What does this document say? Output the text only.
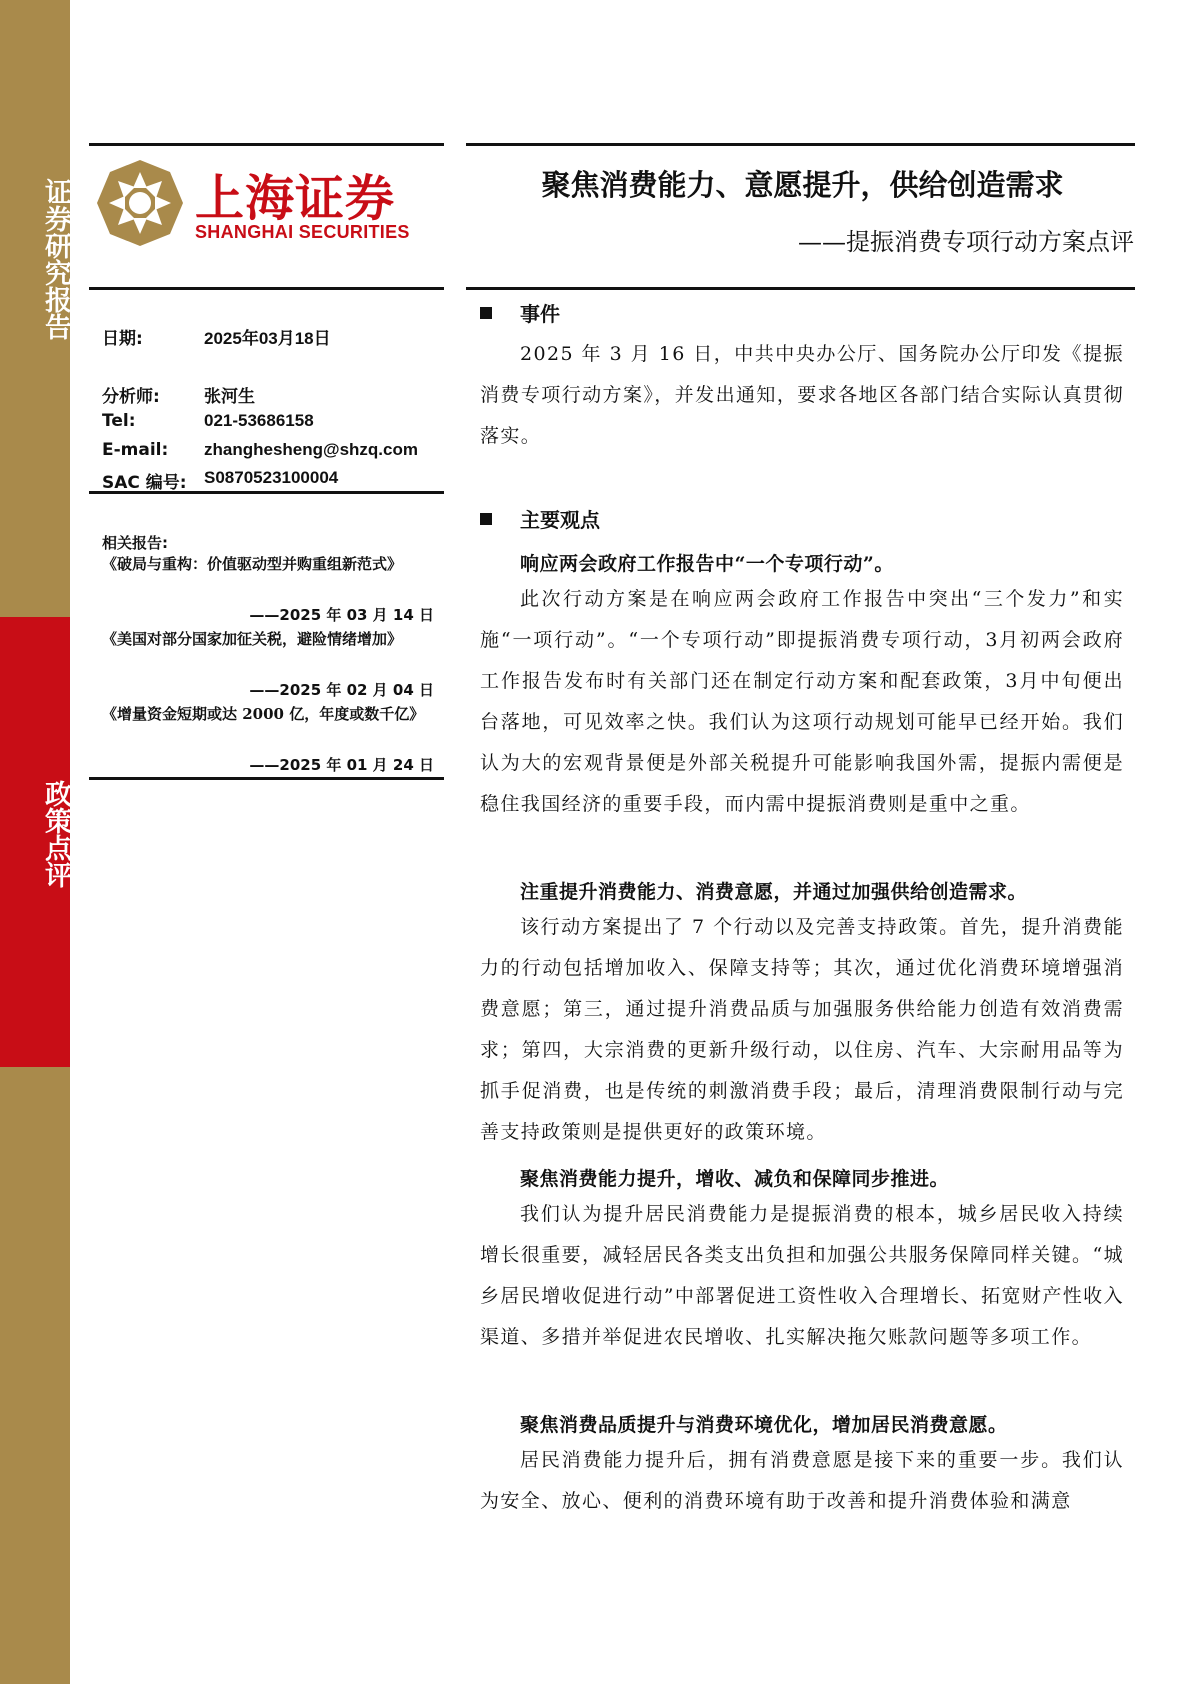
证券研究报告
政策点评
上海证券
SHANGHAI SECURITIES
聚焦消费能力、意愿提升，供给创造需求
——提振消费专项行动方案点评
日期:	2025年03月18日
分析师:	张河生
Tel:	021-53686158
E-mail: zhanghesheng@shzq.com
SAC 编号: S0870523100004
相关报告:
《破局与重构：价值驱动型并购重组新范式》
——2025 年 03 月 14 日
《美国对部分国家加征关税，避险情绪增加》
——2025 年 02 月 04 日
《增量资金短期或达 2000 亿，年度或数千亿》
——2025 年 01 月 24 日
事件
2025 年 3 月 16 日，中共中央办公厅、国务院办公厅印发《提振消费专项行动方案》，并发出通知，要求各地区各部门结合实际认真贯彻落实。
主要观点
响应两会政府工作报告中“一个专项行动”。
此次行动方案是在响应两会政府工作报告中突出“三个发力”和实施“一项行动”。“一个专项行动”即提振消费专项行动，3月初两会政府工作报告发布时有关部门还在制定行动方案和配套政策，3月中旬便出台落地，可见效率之快。我们认为这项行动规划可能早已经开始。我们认为大的宏观背景便是外部关税提升可能影响我国外需，提振内需便是稳住我国经济的重要手段，而内需中提振消费则是重中之重。
注重提升消费能力、消费意愿，并通过加强供给创造需求。
该行动方案提出了 7 个行动以及完善支持政策。首先，提升消费能力的行动包括增加收入、保障支持等；其次，通过优化消费环境增强消费意愿；第三，通过提升消费品质与加强服务供给能力创造有效消费需求；第四，大宗消费的更新升级行动，以住房、汽车、大宗耐用品等为抓手促消费，也是传统的刺激消费手段；最后，清理消费限制行动与完善支持政策则是提供更好的政策环境。
聚焦消费能力提升，增收、减负和保障同步推进。
我们认为提升居民消费能力是提振消费的根本，城乡居民收入持续增长很重要，减轻居民各类支出负担和加强公共服务保障同样关键。“城乡居民增收促进行动”中部署促进工资性收入合理增长、拓宽财产性收入渠道、多措并举促进农民增收、扎实解决拖欠账款问题等多项工作。
聚焦消费品质提升与消费环境优化，增加居民消费意愿。
居民消费能力提升后，拥有消费意愿是接下来的重要一步。我们认为安全、放心、便利的消费环境有助于改善和提升消费体验和满意
